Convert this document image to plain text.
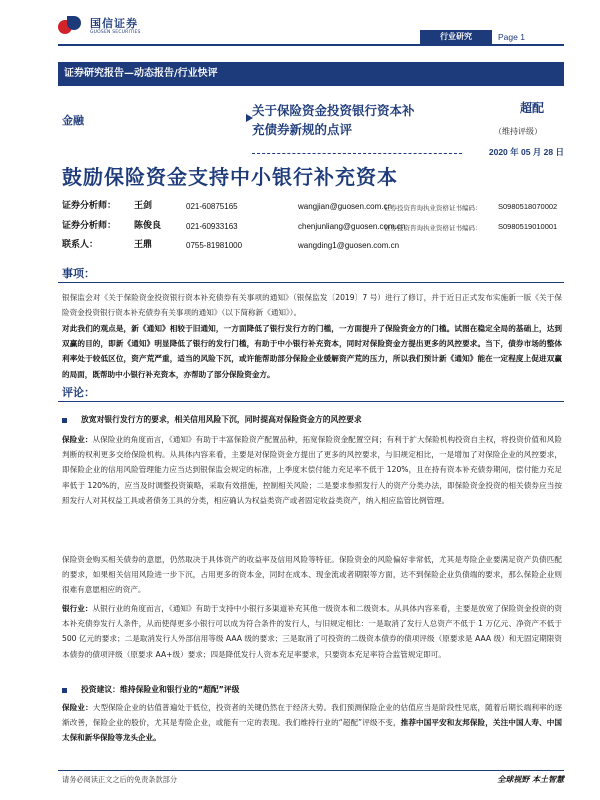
国信证券
GUOSEN SECURITIES	行业研究	Page 1
证券研究报告—动态报告/行业快评
金融
关于保险资金投资银行资本补
充债券新规的点评
超配
（维持评级）
2020 年 05 月 28 日
鼓励保险资金支持中小银行补充资本
证券分析师： 王剑	021-60875165	wangjian@guosen.com.cn
证券投资咨询执业资格证书编码： S0980518070002
证券分析师： 陈俊良	021-60933163	chenjunliang@guosen.com.cn
证券投资咨询执业资格证书编码： S0980519010001
联系人：	王鼎	0755-81981000	wangding1@guosen.com.cn
事项：
银保监会对《关于保险资金投资银行资本补充债券有关事项的通知》（银保监发〔2019〕7 号）进行了修订，并于近日正式发布实施新一版《关于保险资金投资银行资本补充债券有关事项的通知》（以下简称新《通知》）。
对此我们的观点是，新《通知》相较于旧通知，一方面降低了银行发行方的门槛，一方面提升了保险资金方的门槛。试图在稳定全局的基础上，达到双赢的目的，即新《通知》明显降低了银行的发行门槛，有助于中小银行补充资本，同时对保险资金方提出更多的风控要求。当下，债券市场的整体利率处于较低区位，资产荒严重，适当的风险下沉，或许能帮助部分保险企业缓解资产荒的压力，所以我们预计新《通知》能在一定程度上促进双赢的局面，既帮助中小银行补充资本，亦帮助了部分保险资金方。
评论：
放宽对银行发行方的要求，相关信用风险下沉，同时提高对保险资金方的风控要求
保险业：从保险业的角度而言，《通知》有助于丰富保险资产配置品种，拓宽保险资金配置空间；有利于扩大保险机构投资自主权，将投资价值和风险判断的权利更多交给保险机构。从具体内容来看，主要是对保险资金方提出了更多的风控要求，与旧规定相比，一是增加了对保险企业的风控要求，即保险企业的信用风险管理能力应当达到银保监会规定的标准，上季度末偿付能力充足率不低于 120%，且在持有资本补充债券期间，偿付能力充足率低于 120%的，应当及时调整投资策略，采取有效措施，控制相关风险；二是要求参照发行人的资产分类办法，即保险资金投资的相关债券应当按照发行人对其权益工具或者债务工具的分类，相应确认为权益类资产或者固定收益类资产，纳入相应监管比例管理。
保险资金购买相关债券的意愿，仍然取决于具体资产的收益率及信用风险等特征。保险资金的风险偏好非常低，尤其是寿险企业要满足资产负债匹配的要求，如果相关信用风险进一步下沉，占用更多的资本金，同时在成本、现金流或者期限等方面，达不到保险企业负债端的要求，那么保险企业则很难有意愿相应的资产。
银行业：从银行业的角度而言，《通知》有助于支持中小银行多渠道补充其他一级资本和二级资本。从具体内容来看，主要是放宽了保险资金投资的资本补充债券发行人条件，从而使得更多小银行可以成为符合条件的发行人，与旧规定相比：一是取消了发行人总资产不低于 1 万亿元、净资产不低于 500 亿元的要求；二是取消发行人外部信用等级 AAA 级的要求；三是取消了可投资的二级资本债券的债项评级（原要求是 AAA 级）和无固定期限资本债券的债项评级（原要求 AA+级）要求；四是降低发行人资本充足率要求，只要资本充足率符合监管规定即可。
投资建议：维持保险业和银行业的“超配”评级
保险业：大型保险企业的估值普遍处于低位，投资者的关键仍然在于经济大势。我们预测保险企业的估值应当是阶段性见底，随着后期长端利率的逐渐改善，保险企业的股价，尤其是寿险企业，或能有一定的表现。我们维持行业的“超配”评级不变，推荐中国平安和友邦保险，关注中国人寿、中国太保和新华保险等龙头企业。
请务必阅读正文之后的免责条款部分	全球视野 本土智慧
